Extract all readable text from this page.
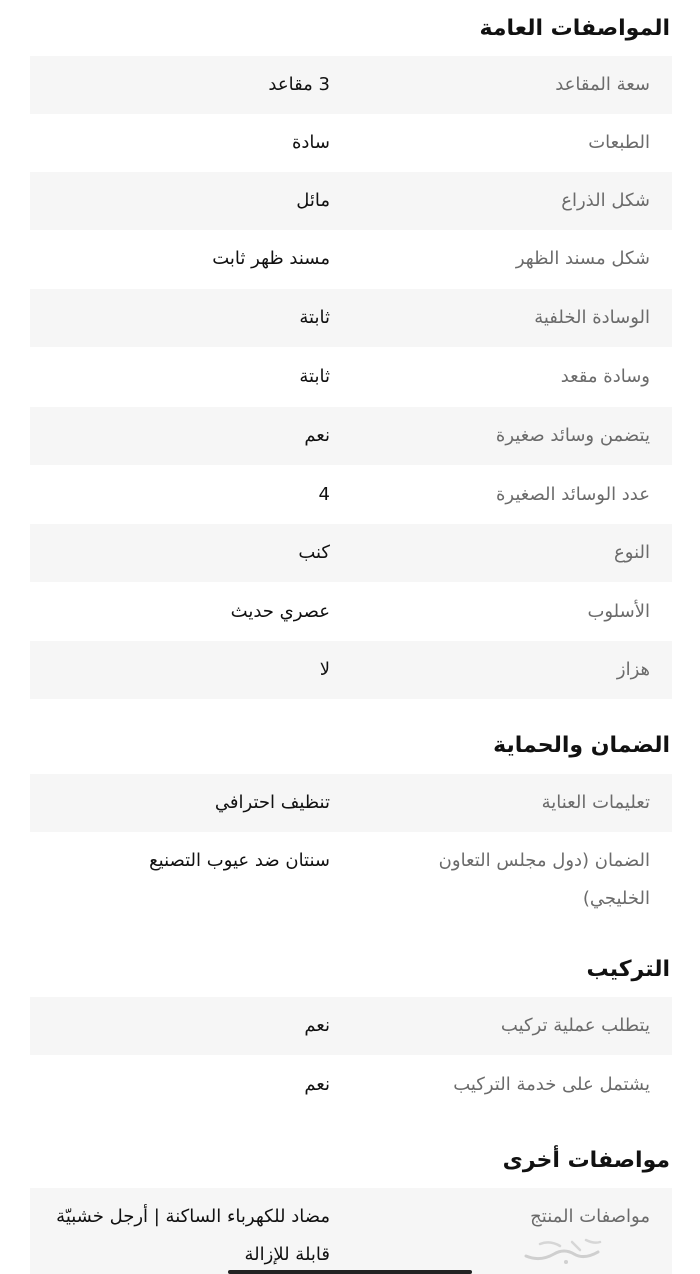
المواصفات العامة
سعة المقاعد
3 مقاعد
الطبعات
سادة
شكل الذراع
مائل
شكل مسند الظهر
مسند ظهر ثابت
الوسادة الخلفية
ثابتة
وسادة مقعد
ثابتة
يتضمن وسائد صغيرة
نعم
عدد الوسائد الصغيرة
4
النوع
كنب
الأسلوب
عصري حديث
هزاز
لا
الضمان والحماية
تعليمات العناية
تنظيف احترافي
الضمان (دول مجلس التعاون الخليجي)
سنتان ضد عيوب التصنيع
التركيب
يتطلب عملية تركيب
نعم
يشتمل على خدمة التركيب
نعم
مواصفات أخرى
مواصفات المنتج
مضاد للكهرباء الساكنة | أرجل خشبيّة قابلة للإزالة
